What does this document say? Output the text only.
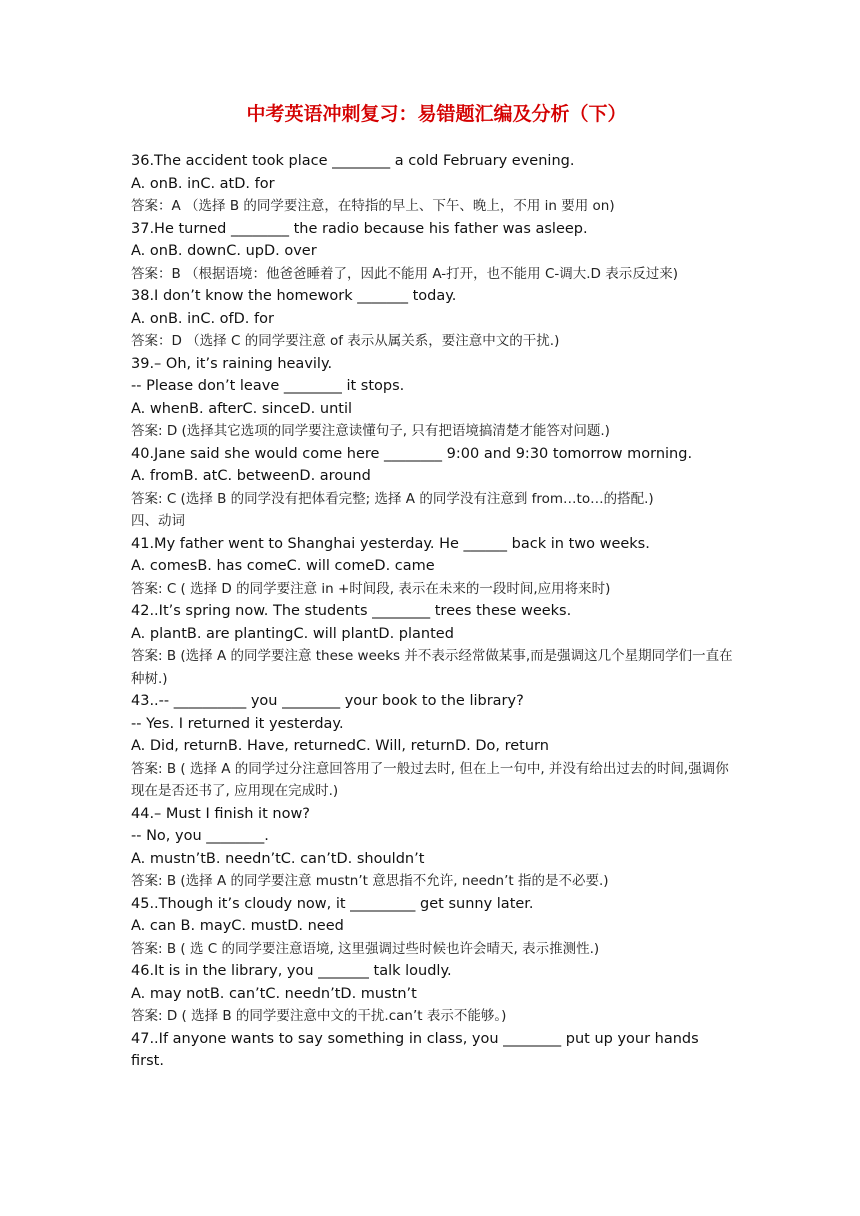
中考英语冲刺复习：易错题汇编及分析（下）
36.The accident took place ________ a cold February evening.
A. onB. inC. atD. for
答案：A （选择 B 的同学要注意，在特指的早上、下午、晚上，不用 in 要用 on)
37.He turned ________ the radio because his father was asleep.
A. onB. downC. upD. over
答案：B （根据语境：他爸爸睡着了，因此不能用 A-打开，也不能用 C-调大.D 表示反过来)
38.I don’t know the homework _______ today.
A. onB. inC. ofD. for
答案：D （选择 C 的同学要注意 of 表示从属关系，要注意中文的干扰.)
39.– Oh, it’s raining heavily.
-- Please don’t leave ________ it stops.
A. whenB. afterC. sinceD. until
答案: D (选择其它选项的同学要注意读懂句子, 只有把语境搞清楚才能答对问题.)
40.Jane said she would come here ________ 9:00 and 9:30 tomorrow morning.
A. fromB. atC. betweenD. around
答案: C (选择 B 的同学没有把体看完整; 选择 A 的同学没有注意到 from…to…的搭配.)
四、动词
41.My father went to Shanghai yesterday. He ______ back in two weeks.
A. comesB. has comeC. will comeD. came
答案: C ( 选择 D 的同学要注意 in +时间段, 表示在未来的一段时间,应用将来时)
42..It’s spring now. The students ________ trees these weeks.
A. plantB. are plantingC. will plantD. planted
答案: B (选择 A 的同学要注意 these weeks 并不表示经常做某事,而是强调这几个星期同学们一直在种树.)
43..-- __________ you ________ your book to the library?
-- Yes. I returned it yesterday.
A. Did, returnB. Have, returnedC. Will, returnD. Do, return
答案: B ( 选择 A 的同学过分注意回答用了一般过去时, 但在上一句中, 并没有给出过去的时间,强调你现在是否还书了, 应用现在完成时.)
44.– Must I finish it now?
-- No, you ________.
A. mustn’tB. needn’tC. can’tD. shouldn’t
答案: B (选择 A 的同学要注意 mustn’t 意思指不允许, needn’t 指的是不必要.)
45..Though it’s cloudy now, it _________ get sunny later.
A. can B. mayC. mustD. need
答案: B ( 选 C 的同学要注意语境, 这里强调过些时候也许会晴天, 表示推测性.)
46.It is in the library, you _______ talk loudly.
A. may notB. can’tC. needn’tD. mustn’t
答案: D ( 选择 B 的同学要注意中文的干扰.can’t 表示不能够。)
47..If anyone wants to say something in class, you ________ put up your hands first.
